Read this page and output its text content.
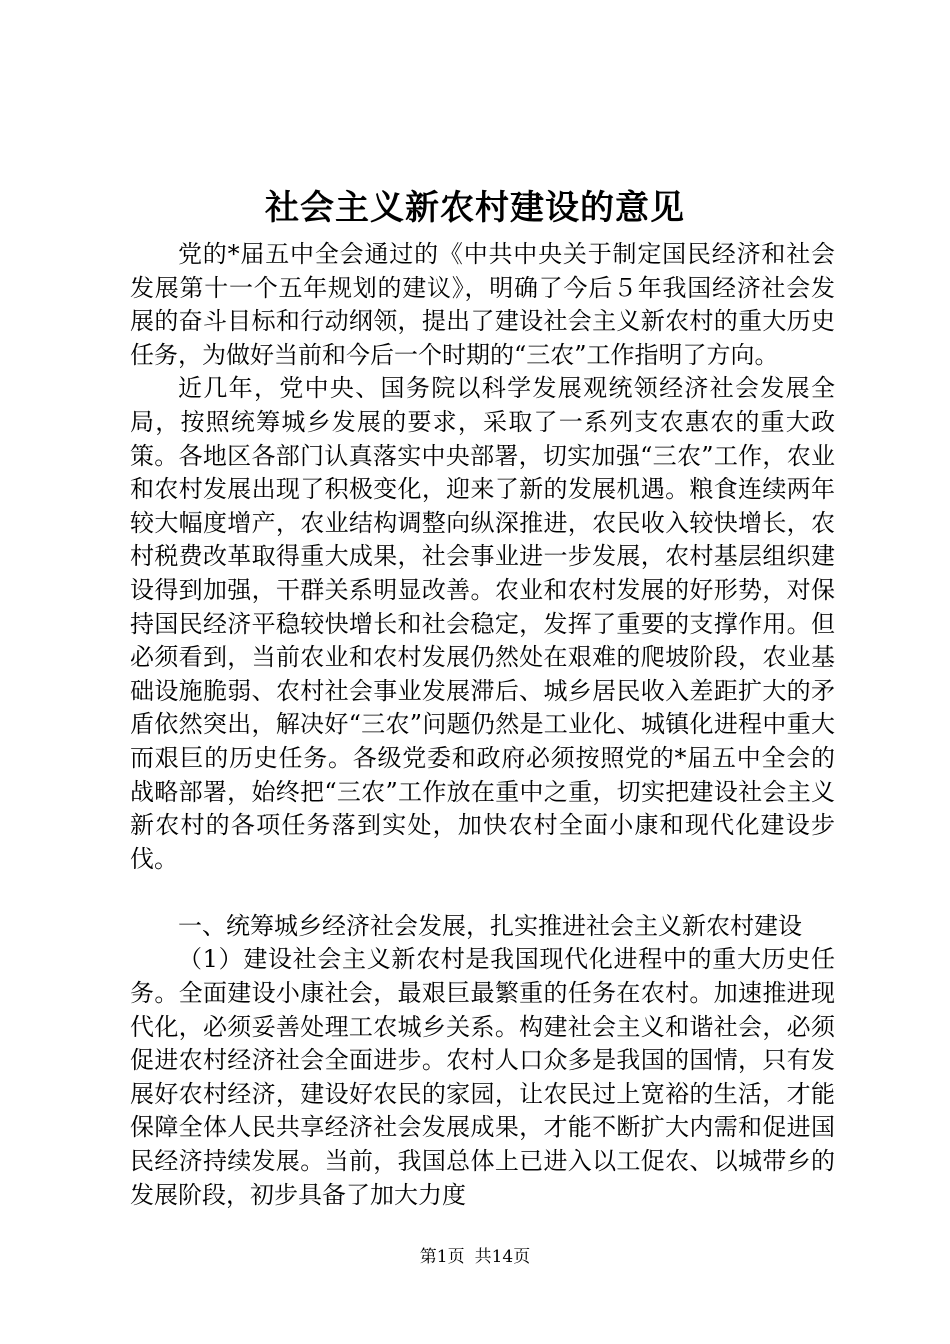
社会主义新农村建设的意见

党的*届五中全会通过的《中共中央关于制定国民经济和社会发展第十一个五年规划的建议》，明确了今后５年我国经济社会发展的奋斗目标和行动纲领，提出了建设社会主义新农村的重大历史任务，为做好当前和今后一个时期的“三农”工作指明了方向。

近几年，党中央、国务院以科学发展观统领经济社会发展全局，按照统筹城乡发展的要求，采取了一系列支农惠农的重大政策。各地区各部门认真落实中央部署，切实加强“三农”工作，农业和农村发展出现了积极变化，迎来了新的发展机遇。粮食连续两年较大幅度增产，农业结构调整向纵深推进，农民收入较快增长，农村税费改革取得重大成果，社会事业进一步发展，农村基层组织建设得到加强，干群关系明显改善。农业和农村发展的好形势，对保持国民经济平稳较快增长和社会稳定，发挥了重要的支撑作用。但必须看到，当前农业和农村发展仍然处在艰难的爬坡阶段，农业基础设施脆弱、农村社会事业发展滞后、城乡居民收入差距扩大的矛盾依然突出，解决好“三农”问题仍然是工业化、城镇化进程中重大而艰巨的历史任务。各级党委和政府必须按照党的*届五中全会的战略部署，始终把“三农”工作放在重中之重，切实把建设社会主义新农村的各项任务落到实处，加快农村全面小康和现代化建设步伐。

一、统筹城乡经济社会发展，扎实推进社会主义新农村建设

（1）建设社会主义新农村是我国现代化进程中的重大历史任务。全面建设小康社会，最艰巨最繁重的任务在农村。加速推进现代化，必须妥善处理工农城乡关系。构建社会主义和谐社会，必须促进农村经济社会全面进步。农村人口众多是我国的国情，只有发展好农村经济，建设好农民的家园，让农民过上宽裕的生活，才能保障全体人民共享经济社会发展成果，才能不断扩大内需和促进国民经济持续发展。当前，我国总体上已进入以工促农、以城带乡的发展阶段，初步具备了加大力度

第1页 共14页
